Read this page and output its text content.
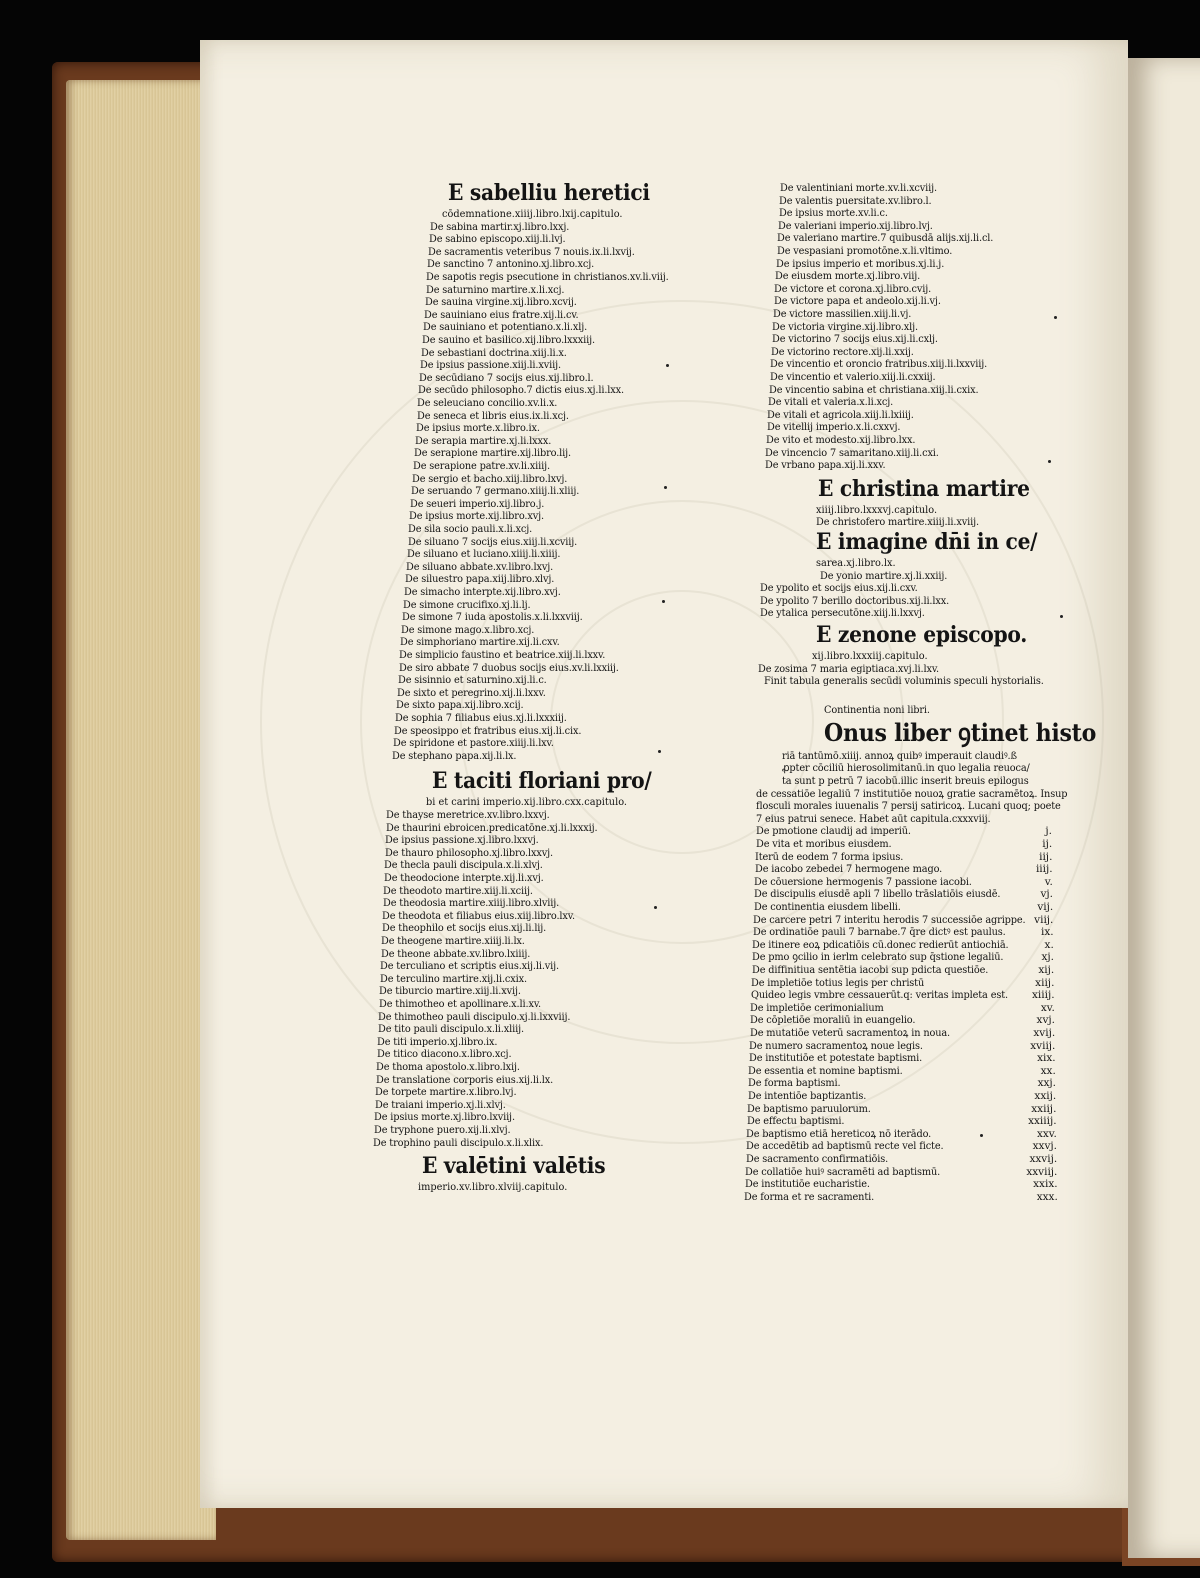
E sabelliu heretici
cōdemnatione.xiiij.libro.lxij.capitulo.
De sabina martir.xj.libro.lxxj.
De sabino episcopo.xiij.li.lvj.
De sacramentis veteribus 7 nouis.ix.li.lxvij.
De sanctino 7 antonino.xj.libro.xcj.
De sapotis regis psecutione in christianos.xv.li.viij.
De saturnino martire.x.li.xcj.
De sauina virgine.xij.libro.xcvij.
De sauiniano eius fratre.xij.li.cv.
De sauiniano et potentiano.x.li.xlj.
De sauino et basilico.xij.libro.lxxxiij.
De sebastiani doctrina.xiij.li.x.
De ipsius passione.xiij.li.xviij.
De secūdiano 7 socijs eius.xij.libro.l.
De secūdo philosopho.7 dictis eius.xj.li.lxx.
De seleuciano concilio.xv.li.x.
De seneca et libris eius.ix.li.xcj.
De ipsius morte.x.libro.ix.
De serapia martire.xj.li.lxxx.
De serapione martire.xij.libro.lij.
De serapione patre.xv.li.xiiij.
De sergio et bacho.xiij.libro.lxvj.
De seruando 7 germano.xiiij.li.xliij.
De seueri imperio.xij.libro.j.
De ipsius morte.xij.libro.xvj.
De sila socio pauli.x.li.xcj.
De siluano 7 socijs eius.xiij.li.xcviij.
De siluano et luciano.xiiij.li.xiiij.
De siluano abbate.xv.libro.lxvj.
De siluestro papa.xiij.libro.xlvj.
De simacho interpte.xij.libro.xvj.
De simone crucifixo.xj.li.lj.
De simone 7 iuda apostolis.x.li.lxxviij.
De simone mago.x.libro.xcj.
De simphoriano martire.xij.li.cxv.
De simplicio faustino et beatrice.xiij.li.lxxv.
De siro abbate 7 duobus socijs eius.xv.li.lxxiij.
De sisinnio et saturnino.xij.li.c.
De sixto et peregrino.xij.li.lxxv.
De sixto papa.xij.libro.xcij.
De sophia 7 filiabus eius.xj.li.lxxxiij.
De speosippo et fratribus eius.xij.li.cix.
De spiridone et pastore.xiiij.li.lxv.
De stephano papa.xij.li.lx.
E taciti floriani pro/
bi et carini imperio.xij.libro.cxx.capitulo.
De thayse meretrice.xv.libro.lxxvj.
De thaurini ebroicen.predicatōne.xj.li.lxxxij.
De ipsius passione.xj.libro.lxxvj.
De thauro philosopho.xj.libro.lxxvj.
De thecla pauli discipula.x.li.xlvj.
De theodocione interpte.xij.li.xvj.
De theodoto martire.xiij.li.xciij.
De theodosia martire.xiiij.libro.xlviij.
De theodota et filiabus eius.xiij.libro.lxv.
De theophilo et socijs eius.xij.li.lij.
De theogene martire.xiiij.li.lx.
De theone abbate.xv.libro.lxiiij.
De terculiano et scriptis eius.xij.li.vij.
De terculino martire.xij.li.cxix.
De tiburcio martire.xiij.li.xvij.
De thimotheo et apollinare.x.li.xv.
De thimotheo pauli discipulo.xj.li.lxxviij.
De tito pauli discipulo.x.li.xliij.
De titi imperio.xj.libro.ix.
De titico diacono.x.libro.xcj.
De thoma apostolo.x.libro.lxij.
De translatione corporis eius.xij.li.lx.
De torpete martire.x.libro.lvj.
De traiani imperio.xj.li.xlvj.
De ipsius morte.xj.libro.lxviij.
De tryphone puero.xij.li.xlvj.
De trophino pauli discipulo.x.li.xlix.
E valētini valētis
imperio.xv.libro.xlviij.capitulo.
De valentiniani morte.xv.li.xcviij.
De valentis puersitate.xv.libro.l.
De ipsius morte.xv.li.c.
De valeriani imperio.xij.libro.lvj.
De valeriano martire.7 quibusdā alijs.xij.li.cl.
De vespasiani promotōne.x.li.vltimo.
De ipsius imperio et moribus.xj.li.j.
De eiusdem morte.xj.libro.viij.
De victore et corona.xj.libro.cvij.
De victore papa et andeolo.xij.li.vj.
De victore massilien.xiij.li.vj.
De victoria virgine.xij.libro.xlj.
De victorino 7 socijs eius.xij.li.cxlj.
De victorino rectore.xij.li.xxij.
De vincentio et oroncio fratribus.xiij.li.lxxviij.
De vincentio et valerio.xiij.li.cxxiij.
De vincentio sabina et christiana.xiij.li.cxix.
De vitali et valeria.x.li.xcj.
De vitali et agricola.xiij.li.lxiiij.
De vitellij imperio.x.li.cxxvj.
De vito et modesto.xij.libro.lxx.
De vincencio 7 samaritano.xiij.li.cxi.
De vrbano papa.xij.li.xxv.
E christina martire
xiiij.libro.lxxxvj.capitulo.
De christofero martire.xiiij.li.xviij.
E imagine dn̄i in ce/
sarea.xj.libro.lx.
De yonio martire.xj.li.xxiij.
De ypolito et socijs eius.xij.li.cxv.
De ypolito 7 berillo doctoribus.xij.li.lxx.
De ytalica persecutōne.xiij.li.lxxvj.
E zenone episcopo.
xij.libro.lxxxiij.capitulo.
De zosima 7 maria egiptiaca.xvj.li.lxv.
Finit tabula generalis secūdi voluminis speculi hystorialis.
Continentia noni libri.
Onus liber ꝯtinet histo
riā tantūmō.xiiij. annoꝝ quibꝰ imperauit claudiꝰ.ß
ꝓpter cōciliū hierosolimitanū.in quo legalia reuoca/
ta sunt p petrū 7 iacobū.illic inserit breuis epilogus
de cessatiōe legaliū 7 institutiōe nouoꝝ gratie sacramētoꝝ. Insup
flosculi morales iuuenalis 7 persij satiricoꝝ. Lucani quoq; poete
7 eius patrui senece. Habet aūt capitula.cxxxviij.
De pmotione claudij ad imperiū.	j.
De vita et moribus eiusdem.	ij.
Iterū de eodem 7 forma ipsius.	iij.
De iacobo zebedei 7 hermogene mago.	iiij.
De cōuersione hermogenis 7 passione iacobi.	v.
De discipulis eiusdē apli 7 libello trāslatiōis eiusdē.	vj.
De continentia eiusdem libelli.	vij.
De carcere petri 7 interitu herodis 7 successiōe agrippe. viij.
De ordinatiōe pauli 7 barnabe.7 q̄re dictꝰ est paulus.	ix.
De itinere eoꝝ pdicatiōis cū.donec redierūt antiochiā.	x.
De pmo ꝯcilio in ierlm celebrato sup q̄stione legaliū.	xj.
De diffinitiua sentētia iacobi sup pdicta questiōe.	xij.
De impletiōe totius legis per christū	xiij.
Quideo legis vmbre cessauerūt.q: veritas impleta est. xiiij.
De impletiōe cerimonialium	xv.
De cōpletiōe moraliū in euangelio.	xvj.
De mutatiōe veterū sacramentoꝝ in noua.	xvij.
De numero sacramentoꝝ noue legis.	xviij.
De institutiōe et potestate baptismi.	xix.
De essentia et nomine baptismi.	xx.
De forma baptismi.	xxj.
De intentiōe baptizantis.	xxij.
De baptismo paruulorum.	xxiij.
De effectu baptismi.	xxiiij.
De baptismo etiā hereticoꝝ nō iterādo.	xxv.
De accedētib ad baptismū recte vel ficte.	xxvj.
De sacramento confirmatiōis.	xxvij.
De collatiōe huiꝰ sacramēti ad baptismū.	xxviij.
De institutiōe eucharistie.	xxix.
De forma et re sacramenti.	xxx.
